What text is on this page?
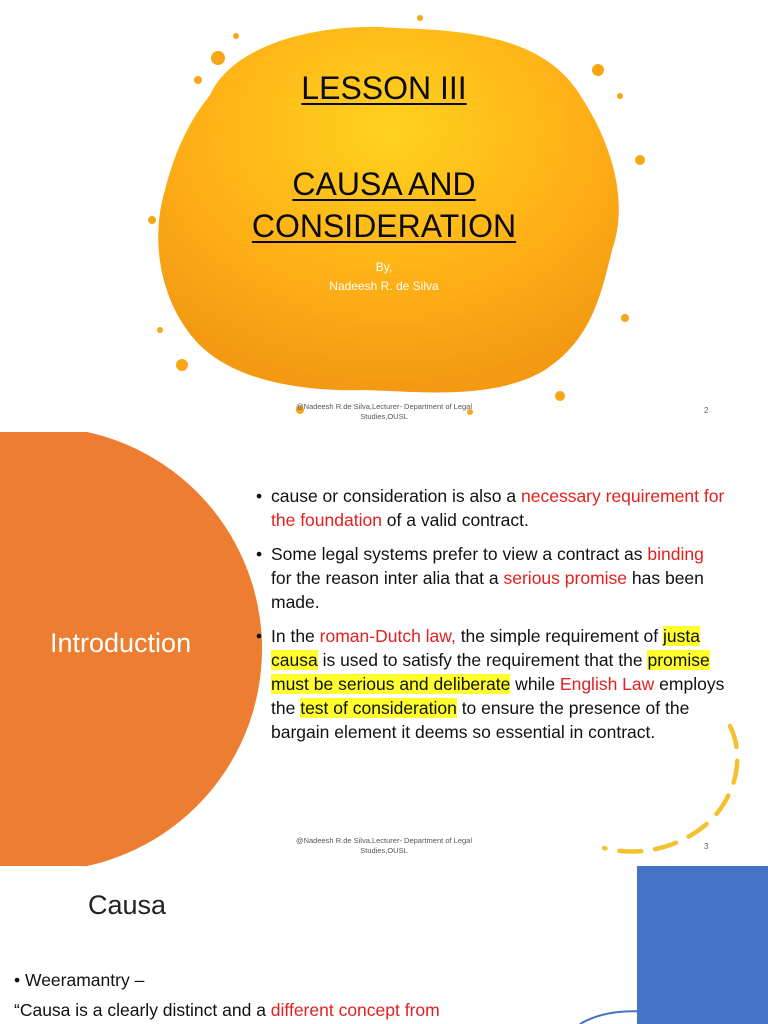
LESSON III
CAUSA AND
CONSIDERATION
By,
Nadeesh R. de Silva
@Nadeesh R.de Silva,Lecturer- Department of Legal
Studies,OUSL
2
Introduction
• cause or consideration is also a necessary requirement for the foundation of a valid contract.
• Some legal systems prefer to view a contract as binding for the reason inter alia that a serious promise has been made.
• In the roman-Dutch law, the simple requirement of justa causa is used to satisfy the requirement that the promise must be serious and deliberate while English Law employs the test of consideration to ensure the presence of the bargain element it deems so essential in contract.
@Nadeesh R.de Silva,Lecturer- Department of Legal
Studies,OUSL	3
Causa
• Weeramantry –
“Causa is a clearly distinct and a different concept from
